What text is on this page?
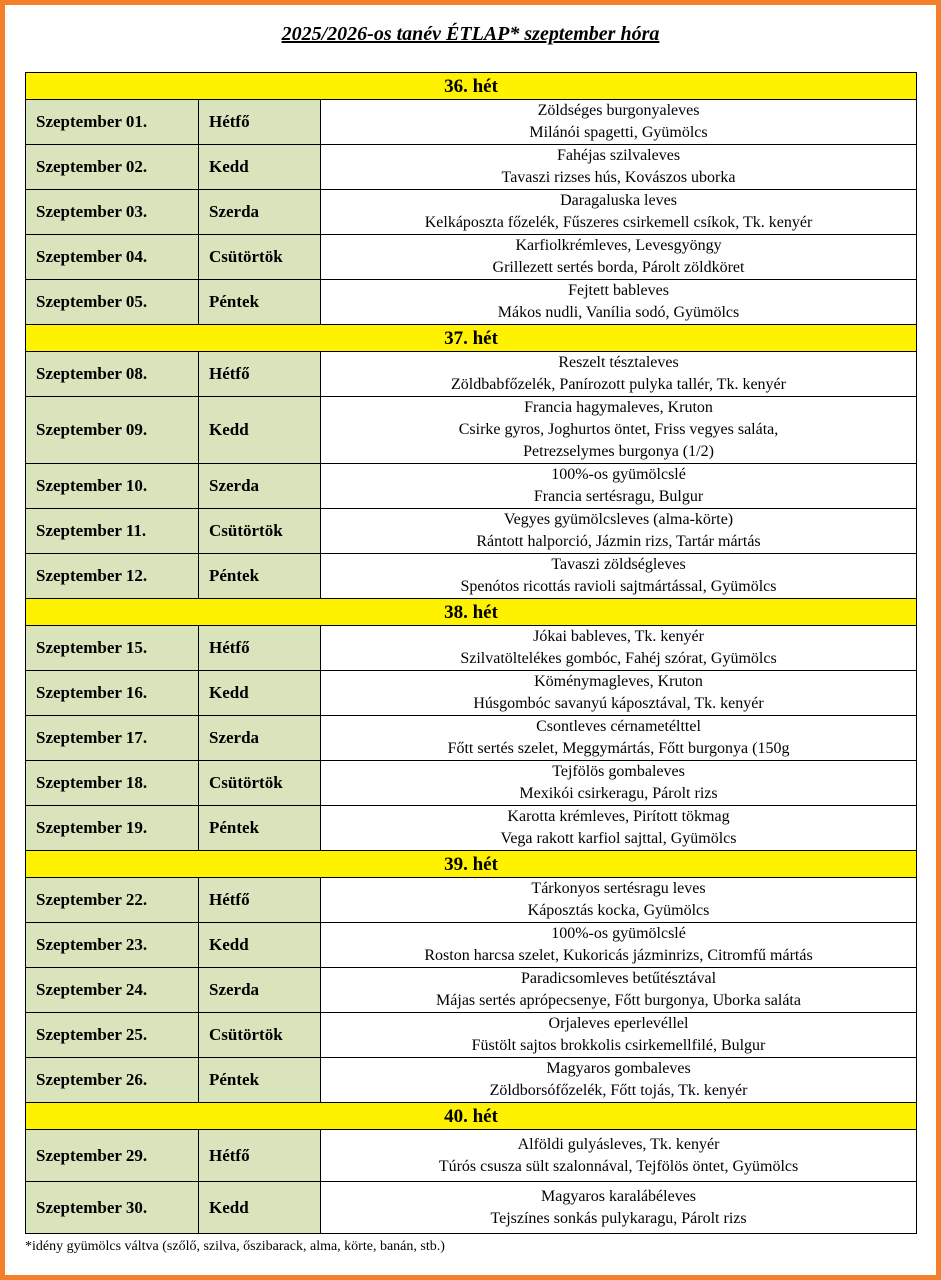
2025/2026-os tanév ÉTLAP* szeptember hóra
36. hét		
Szeptember 01.	Hétfő	Zöldséges burgonyaleves
Milánói spagetti, Gyümölcs

Szeptember 02.	Kedd	Fahéjas szilvaleves
Tavaszi rizses hús, Kovászos uborka

Szeptember 03.	Szerda	Daragaluska leves
Kelkáposzta főzelék, Fűszeres csirkemell csíkok, Tk. kenyér

Szeptember 04.	Csütörtök	Karfiolkrémleves, Levesgyöngy
Grillezett sertés borda, Párolt zöldköret

Szeptember 05.	Péntek	Fejtett bableves
Mákos nudli, Vanília sodó, Gyümölcs

37. hét		
Szeptember 08.	Hétfő	Reszelt tésztaleves
Zöldbabfőzelék, Panírozott pulyka tallér, Tk. kenyér

Szeptember 09.	Kedd	Francia hagymaleves, Kruton
Csirke gyros, Joghurtos öntet, Friss vegyes saláta,
Petrezselymes burgonya (1/2)

Szeptember 10.	Szerda	100%-os gyümölcslé
Francia sertésragu, Bulgur

Szeptember 11.	Csütörtök	Vegyes gyümölcsleves (alma-körte)
Rántott halporció, Jázmin rizs, Tartár mártás

Szeptember 12.	Péntek	Tavaszi zöldségleves
Spenótos ricottás ravioli sajtmártással, Gyümölcs

38. hét		
Szeptember 15.	Hétfő	Jókai bableves, Tk. kenyér
Szilvatöltelékes gombóc, Fahéj szórat, Gyümölcs

Szeptember 16.	Kedd	Köménymagleves, Kruton
Húsgombóc savanyú káposztával, Tk. kenyér

Szeptember 17.	Szerda	Csontleves cérnametélttel
Főtt sertés szelet, Meggymártás, Főtt burgonya (150g

Szeptember 18.	Csütörtök	Tejfölös gombaleves
Mexikói csirkeragu, Párolt rizs

Szeptember 19.	Péntek	Karotta krémleves, Pirított tökmag
Vega rakott karfiol sajttal, Gyümölcs

39. hét		
Szeptember 22.	Hétfő	Tárkonyos sertésragu leves
Káposztás kocka, Gyümölcs

Szeptember 23.	Kedd	100%-os gyümölcslé
Roston harcsa szelet, Kukoricás jázminrizs, Citromfű mártás

Szeptember 24.	Szerda	Paradicsomleves betűtésztával
Májas sertés aprópecsenye, Főtt burgonya, Uborka saláta

Szeptember 25.	Csütörtök	Orjaleves eperlevéllel
Füstölt sajtos brokkolis csirkemellfilé, Bulgur

Szeptember 26.	Péntek	Magyaros gombaleves
Zöldborsófőzelék, Főtt tojás, Tk. kenyér

40. hét		
Szeptember 29.	Hétfő	Alföldi gulyásleves, Tk. kenyér
Túrós csusza sült szalonnával, Tejfölös öntet, Gyümölcs

Szeptember 30.	Kedd	Magyaros karalábéleves
Tejszínes sonkás pulykaragu, Párolt rizs
*idény gyümölcs váltva (szőlő, szilva, őszibarack, alma, körte, banán, stb.)
